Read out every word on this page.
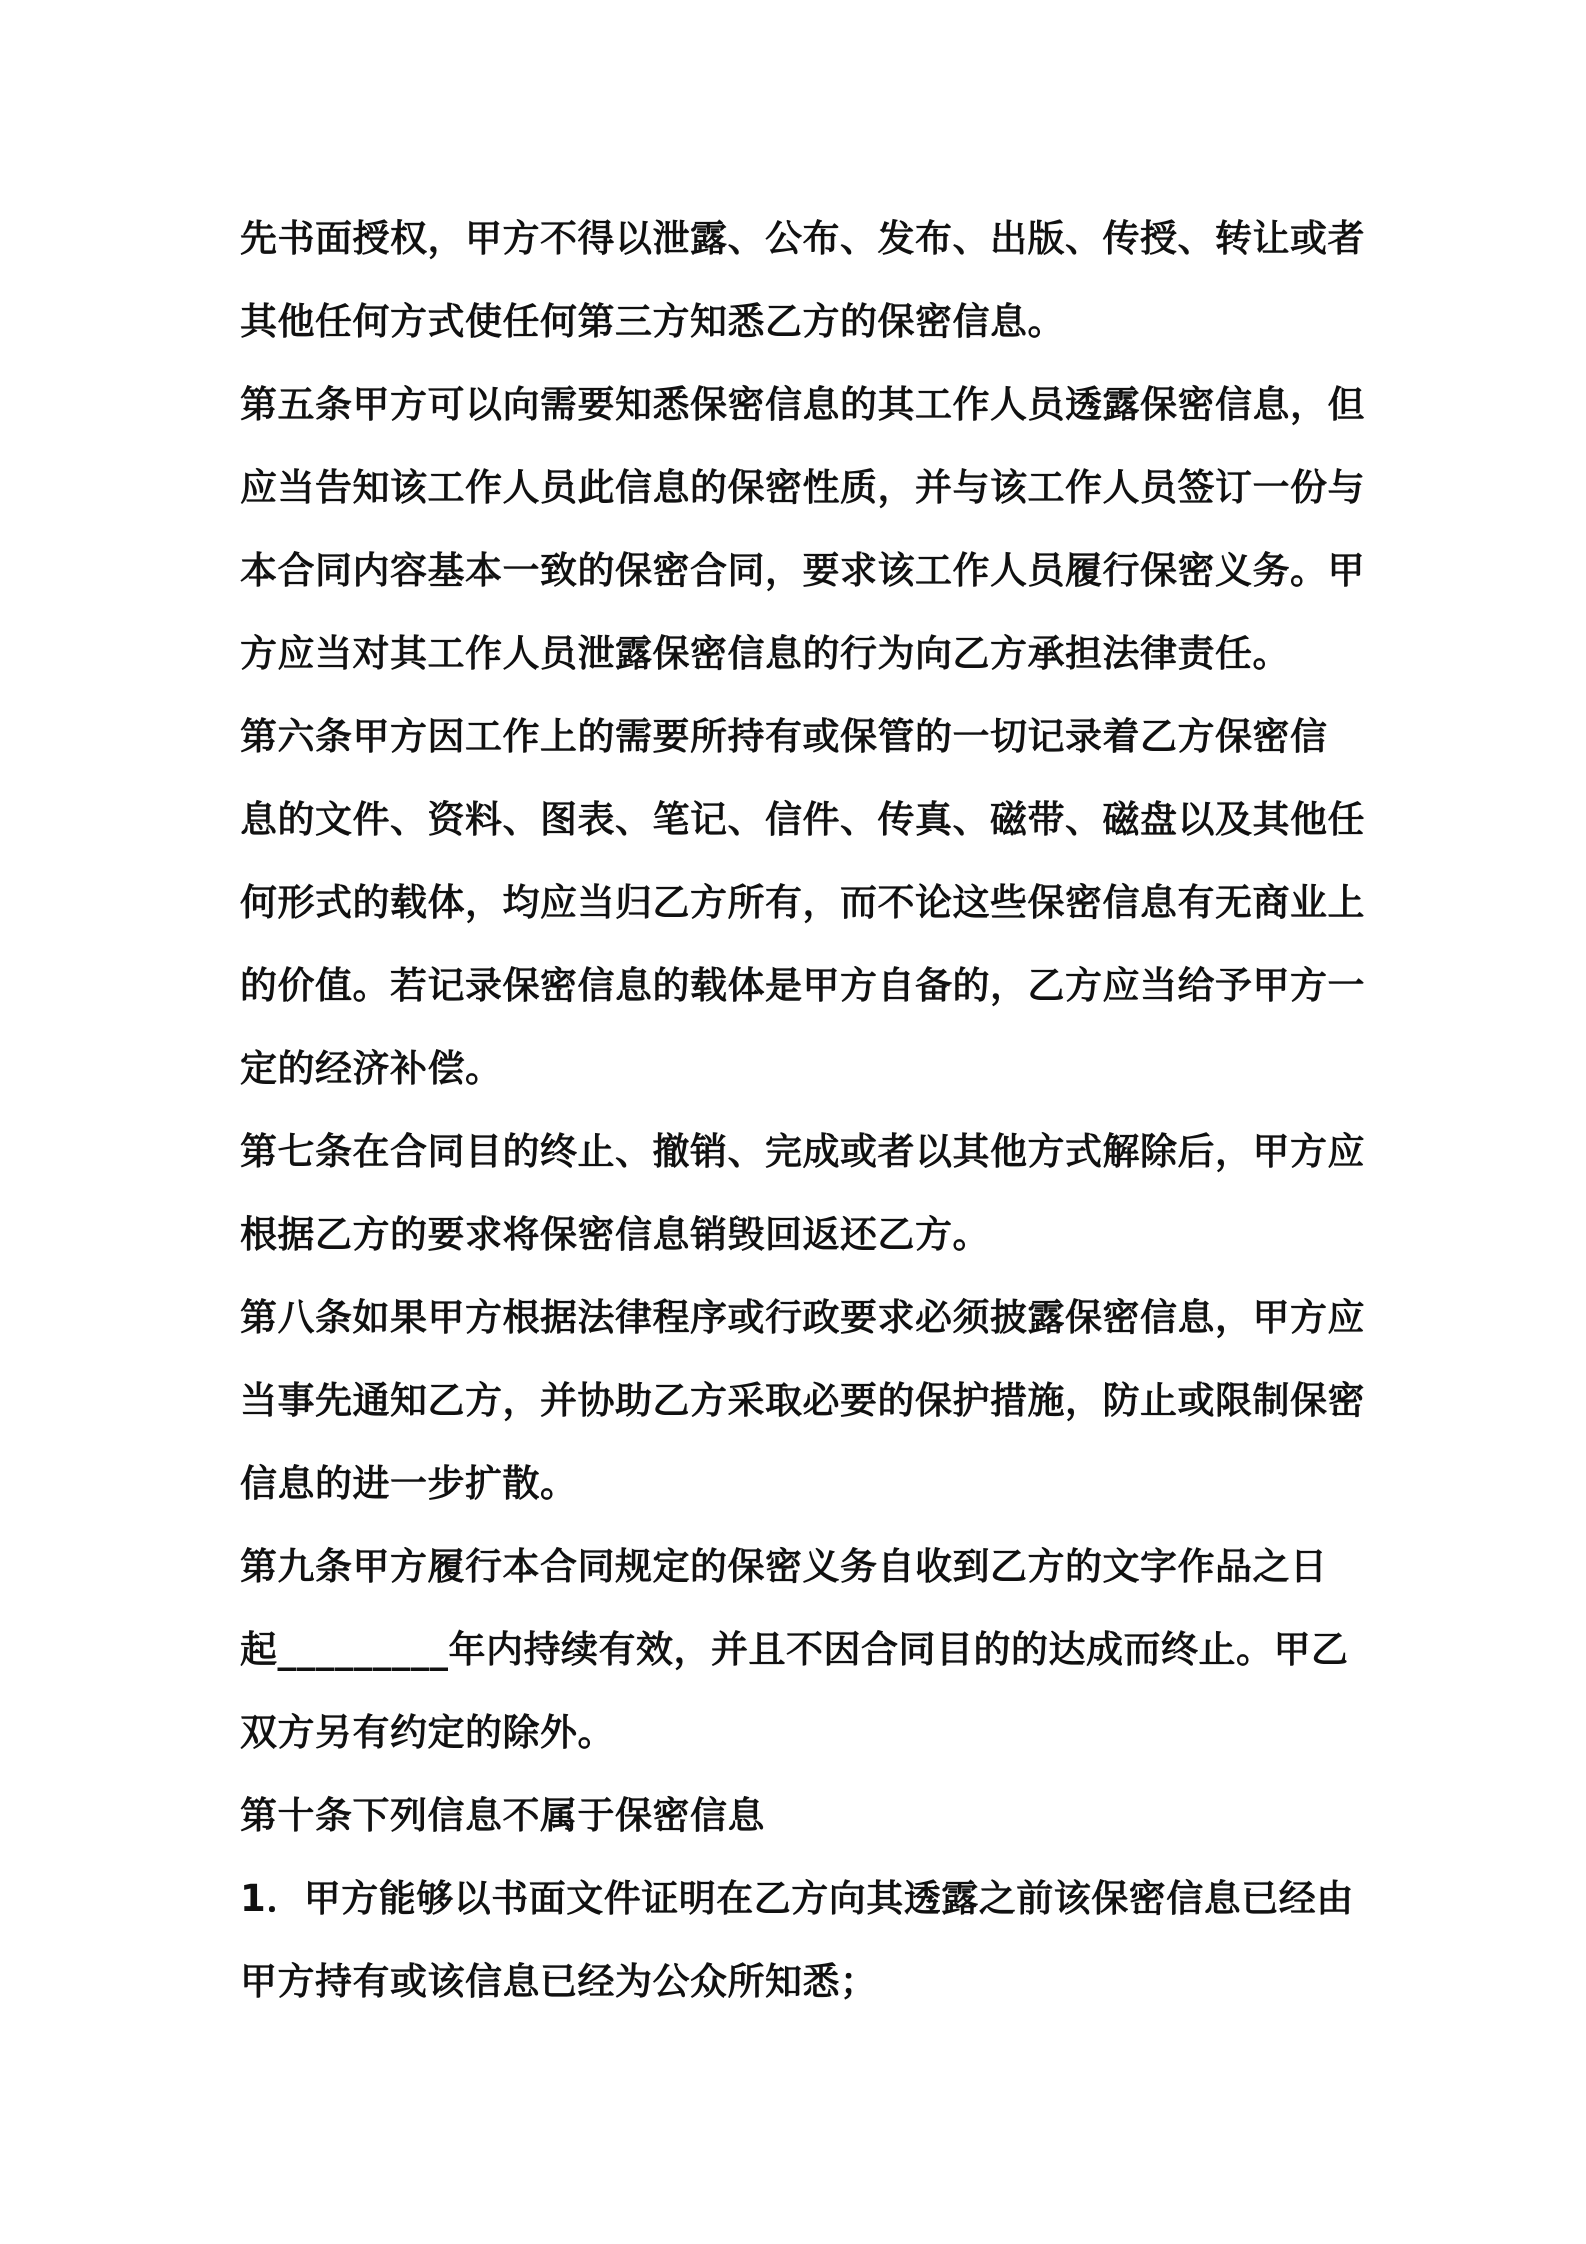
先书面授权，甲方不得以泄露、公布、发布、出版、传授、转让或者
其他任何方式使任何第三方知悉乙方的保密信息。
第五条甲方可以向需要知悉保密信息的其工作人员透露保密信息，但
应当告知该工作人员此信息的保密性质，并与该工作人员签订一份与
本合同内容基本一致的保密合同，要求该工作人员履行保密义务。甲
方应当对其工作人员泄露保密信息的行为向乙方承担法律责任。
第六条甲方因工作上的需要所持有或保管的一切记录着乙方保密信
息的文件、资料、图表、笔记、信件、传真、磁带、磁盘以及其他任
何形式的载体，均应当归乙方所有，而不论这些保密信息有无商业上
的价值。若记录保密信息的载体是甲方自备的，乙方应当给予甲方一
定的经济补偿。
第七条在合同目的终止、撤销、完成或者以其他方式解除后，甲方应
根据乙方的要求将保密信息销毁回返还乙方。
第八条如果甲方根据法律程序或行政要求必须披露保密信息，甲方应
当事先通知乙方，并协助乙方采取必要的保护措施，防止或限制保密
信息的进一步扩散。
第九条甲方履行本合同规定的保密义务自收到乙方的文字作品之日
起_________年内持续有效，并且不因合同目的的达成而终止。甲乙
双方另有约定的除外。
第十条下列信息不属于保密信息
1．甲方能够以书面文件证明在乙方向其透露之前该保密信息已经由
甲方持有或该信息已经为公众所知悉；
